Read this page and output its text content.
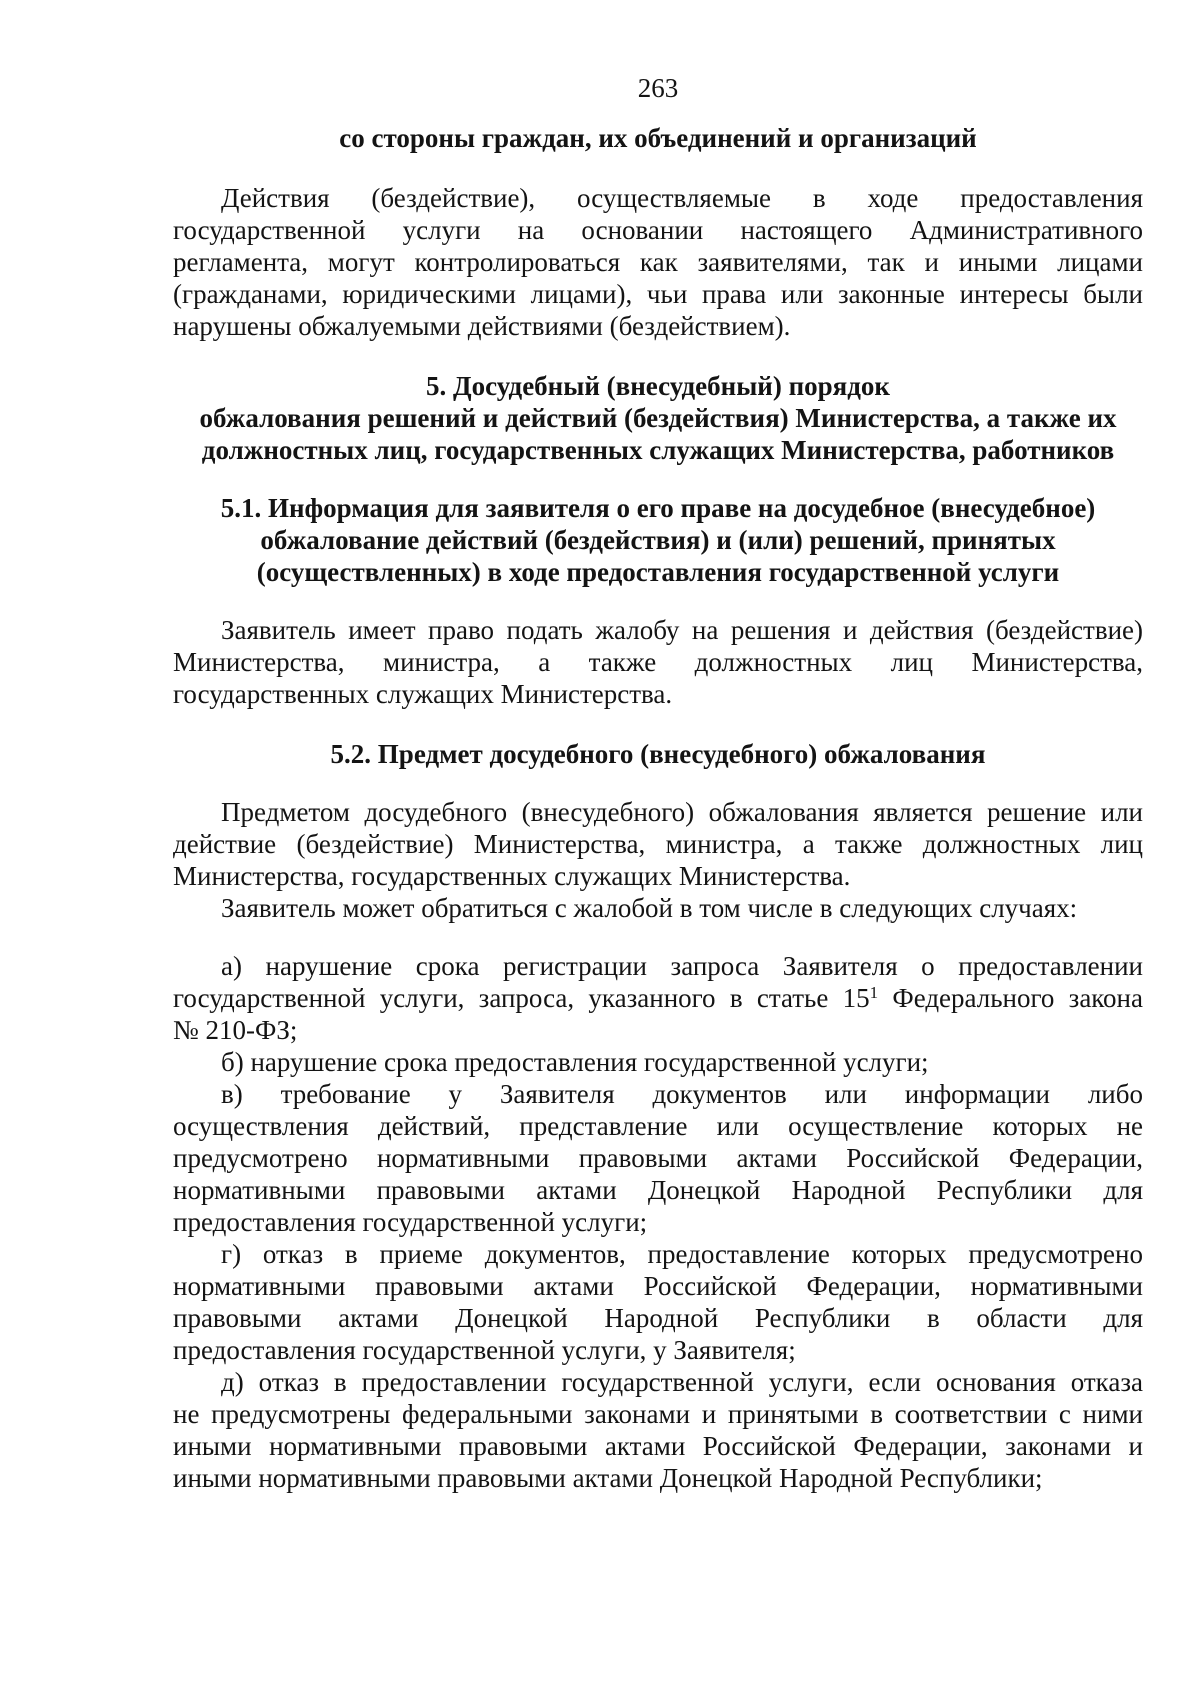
263
со стороны граждан, их объединений и организаций
Действия (бездействие), осуществляемые в ходе предоставления
государственной услуги на основании настоящего Административного
регламента, могут контролироваться как заявителями, так и иными лицами
(гражданами, юридическими лицами), чьи права или законные интересы были
нарушены обжалуемыми действиями (бездействием).
5. Досудебный (внесудебный) порядок
обжалования решений и действий (бездействия) Министерства, а также их
должностных лиц, государственных служащих Министерства, работников
5.1. Информация для заявителя о его праве на досудебное (внесудебное)
обжалование действий (бездействия) и (или) решений, принятых
(осуществленных) в ходе предоставления государственной услуги
Заявитель имеет право подать жалобу на решения и действия (бездействие)
Министерства, министра, а также должностных лиц Министерства,
государственных служащих Министерства.
5.2. Предмет досудебного (внесудебного) обжалования
Предметом досудебного (внесудебного) обжалования является решение или
действие (бездействие) Министерства, министра, а также должностных лиц
Министерства, государственных служащих Министерства.
Заявитель может обратиться с жалобой в том числе в следующих случаях:
а) нарушение срока регистрации запроса Заявителя о предоставлении
государственной услуги, запроса, указанного в статье $15^1$ Федерального закона
№ 210-ФЗ;
б) нарушение срока предоставления государственной услуги;
в) требование у Заявителя документов или информации либо
осуществления действий, представление или осуществление которых не
предусмотрено нормативными правовыми актами Российской Федерации,
нормативными правовыми актами Донецкой Народной Республики для
предоставления государственной услуги;
г) отказ в приеме документов, предоставление которых предусмотрено
нормативными правовыми актами Российской Федерации, нормативными
правовыми актами Донецкой Народной Республики в области для
предоставления государственной услуги, у Заявителя;
д) отказ в предоставлении государственной услуги, если основания отказа
не предусмотрены федеральными законами и принятыми в соответствии с ними
иными нормативными правовыми актами Российской Федерации, законами и
иными нормативными правовыми актами Донецкой Народной Республики;
